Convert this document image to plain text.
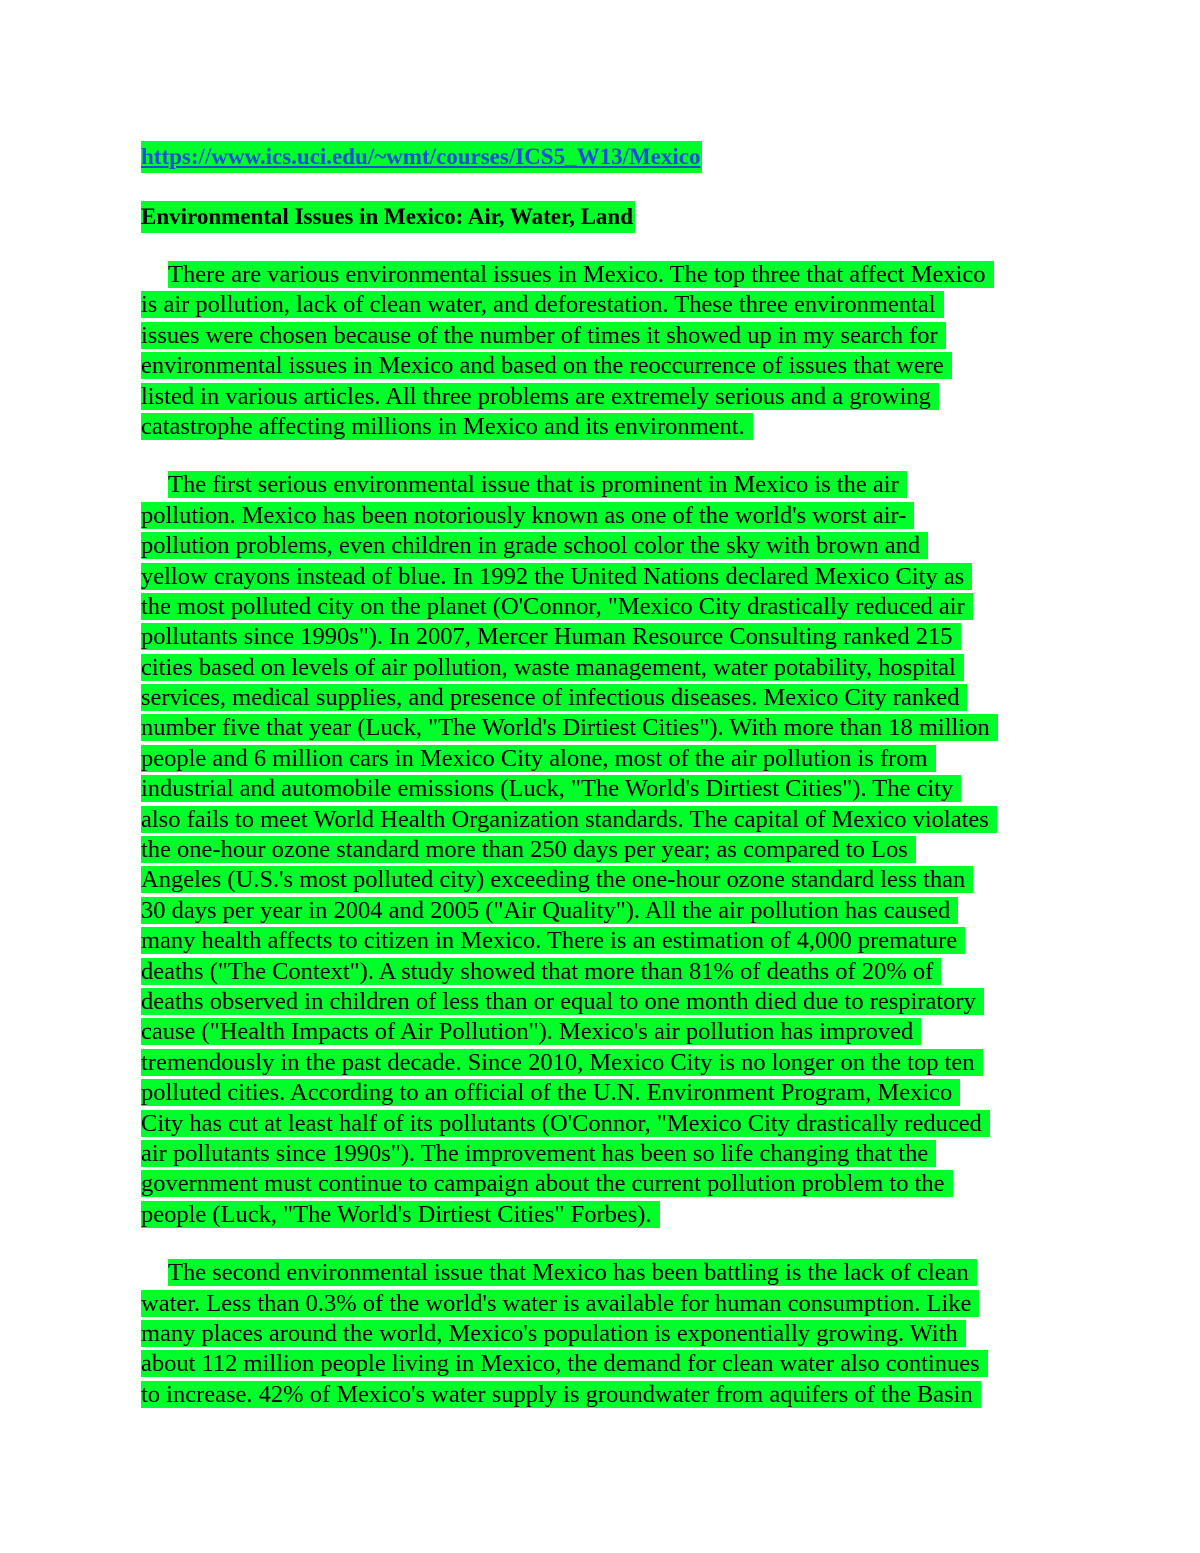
https://www.ics.uci.edu/~wmt/courses/ICS5_W13/Mexico

Environmental Issues in Mexico: Air, Water, Land
There are various environmental issues in Mexico. The top three that affect Mexico
is air pollution, lack of clean water, and deforestation. These three environmental
issues were chosen because of the number of times it showed up in my search for
environmental issues in Mexico and based on the reoccurrence of issues that were
listed in various articles. All three problems are extremely serious and a growing
catastrophe affecting millions in Mexico and its environment.
The first serious environmental issue that is prominent in Mexico is the air
pollution. Mexico has been notoriously known as one of the world's worst air-
pollution problems, even children in grade school color the sky with brown and
yellow crayons instead of blue. In 1992 the United Nations declared Mexico City as
the most polluted city on the planet (O'Connor, "Mexico City drastically reduced air
pollutants since 1990s"). In 2007, Mercer Human Resource Consulting ranked 215
cities based on levels of air pollution, waste management, water potability, hospital
services, medical supplies, and presence of infectious diseases. Mexico City ranked
number five that year (Luck, "The World's Dirtiest Cities"). With more than 18 million
people and 6 million cars in Mexico City alone, most of the air pollution is from
industrial and automobile emissions (Luck, "The World's Dirtiest Cities"). The city
also fails to meet World Health Organization standards. The capital of Mexico violates
the one-hour ozone standard more than 250 days per year; as compared to Los
Angeles (U.S.'s most polluted city) exceeding the one-hour ozone standard less than
30 days per year in 2004 and 2005 ("Air Quality"). All the air pollution has caused
many health affects to citizen in Mexico. There is an estimation of 4,000 premature
deaths ("The Context"). A study showed that more than 81% of deaths of 20% of
deaths observed in children of less than or equal to one month died due to respiratory
cause ("Health Impacts of Air Pollution"). Mexico's air pollution has improved
tremendously in the past decade. Since 2010, Mexico City is no longer on the top ten
polluted cities. According to an official of the U.N. Environment Program, Mexico
City has cut at least half of its pollutants (O'Connor, "Mexico City drastically reduced
air pollutants since 1990s"). The improvement has been so life changing that the
government must continue to campaign about the current pollution problem to the
people (Luck, "The World's Dirtiest Cities" Forbes).
The second environmental issue that Mexico has been battling is the lack of clean
water. Less than 0.3% of the world's water is available for human consumption. Like
many places around the world, Mexico's population is exponentially growing. With
about 112 million people living in Mexico, the demand for clean water also continues
to increase. 42% of Mexico's water supply is groundwater from aquifers of the Basin
